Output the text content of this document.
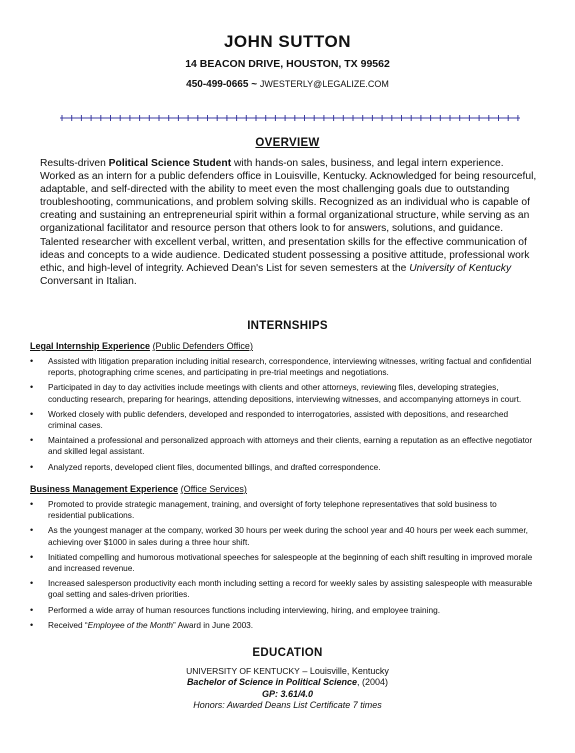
JOHN SUTTON
14 BEACON DRIVE, HOUSTON, TX 99562
450-499-0665 ~ JWESTERLY@LEGALIZE.COM
OVERVIEW
Results-driven Political Science Student with hands-on sales, business, and legal intern experience. Worked as an intern for a public defenders office in Louisville, Kentucky. Acknowledged for being resourceful, adaptable, and self-directed with the ability to meet even the most challenging goals due to outstanding troubleshooting, communications, and problem solving skills. Recognized as an individual who is capable of creating and sustaining an entrepreneurial spirit within a formal organizational structure, while serving as an organizational facilitator and resource person that others look to for answers, solutions, and guidance. Talented researcher with excellent verbal, written, and presentation skills for the effective communication of ideas and concepts to a wide audience. Dedicated student possessing a positive attitude, professional work ethic, and high-level of integrity. Achieved Dean's List for seven semesters at the University of Kentucky Conversant in Italian.
INTERNSHIPS
Legal Internship Experience (Public Defenders Office)
• Assisted with litigation preparation including initial research, correspondence, interviewing witnesses, writing factual and confidential reports, photographing crime scenes, and participating in pre-trial meetings and negotiations.
• Participated in day to day activities include meetings with clients and other attorneys, reviewing files, developing strategies, conducting research, preparing for hearings, attending depositions, interviewing witnesses, and accompanying attorneys in court.
• Worked closely with public defenders, developed and responded to interrogatories, assisted with depositions, and researched criminal cases.
• Maintained a professional and personalized approach with attorneys and their clients, earning a reputation as an effective negotiator and skilled legal assistant.
• Analyzed reports, developed client files, documented billings, and drafted correspondence.
Business Management Experience (Office Services)
• Promoted to provide strategic management, training, and oversight of forty telephone representatives that sold business to residential publications.
• As the youngest manager at the company, worked 30 hours per week during the school year and 40 hours per week each summer, achieving over $1000 in sales during a three hour shift.
• Initiated compelling and humorous motivational speeches for salespeople at the beginning of each shift resulting in improved morale and increased revenue.
• Increased salesperson productivity each month including setting a record for weekly sales by assisting salespeople with measurable goal setting and sales-driven priorities.
• Performed a wide array of human resources functions including interviewing, hiring, and employee training.
• Received “Employee of the Month” Award in June 2003.
EDUCATION
UNIVERSITY OF KENTUCKY – Louisville, Kentucky
Bachelor of Science in Political Science, (2004)
GP: 3.61/4.0
Honors: Awarded Deans List Certificate 7 times
